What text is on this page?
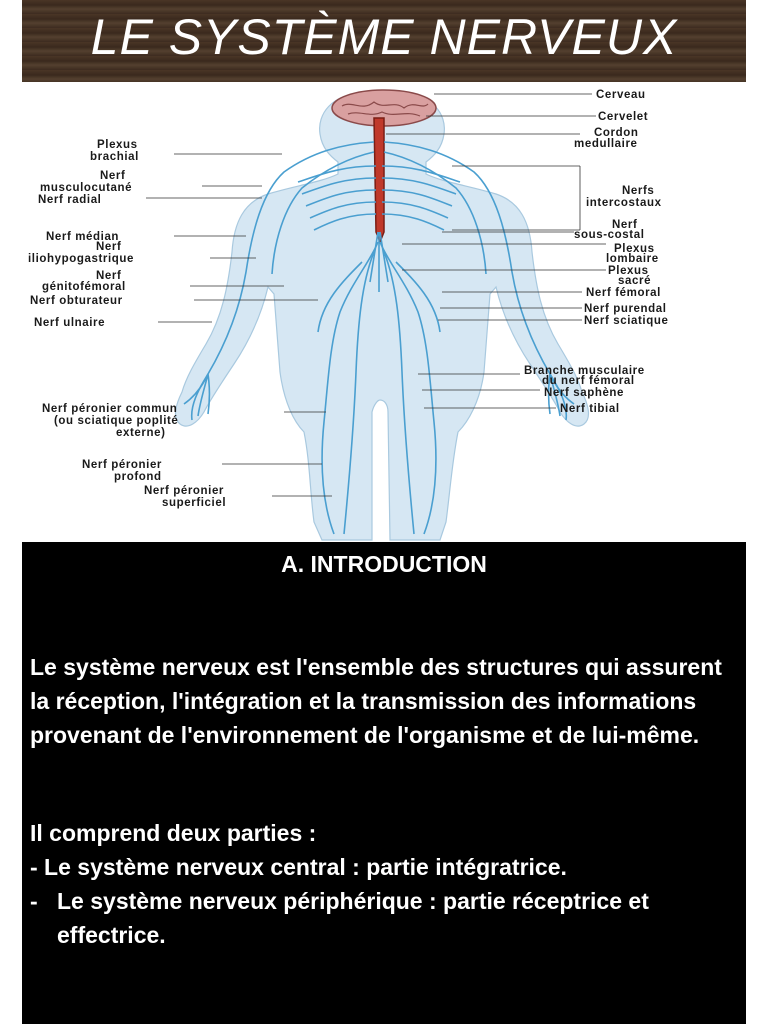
LE SYSTÈME NERVEUX
Plexus
brachial
Nerf
musculocutané
Nerf radial
Nerf médian
Nerf
iliohypogastrique
Nerf
génitofémoral
Nerf obturateur
Nerf ulnaire
Nerf péronier commun
(ou sciatique poplité
externe)
Nerf péronier
profond
Nerf péronier
superficiel
Cerveau
Cervelet
Cordon
medullaire
Nerfs
intercostaux
Nerf
sous-costal
Plexus
lombaire
Plexus
sacré
Nerf fémoral
Nerf purendal
Nerf sciatique
Branche musculaire
du nerf fémoral
Nerf saphène
Nerf tibial
A. INTRODUCTION

Le système nerveux est l'ensemble des structures qui assurent la réception, l'intégration et la transmission des informations provenant de l'environnement de l'organisme et de lui-même.

Il comprend deux parties :

- Le système nerveux central : partie intégratrice.

- Le système nerveux périphérique : partie réceptrice et effectrice.
